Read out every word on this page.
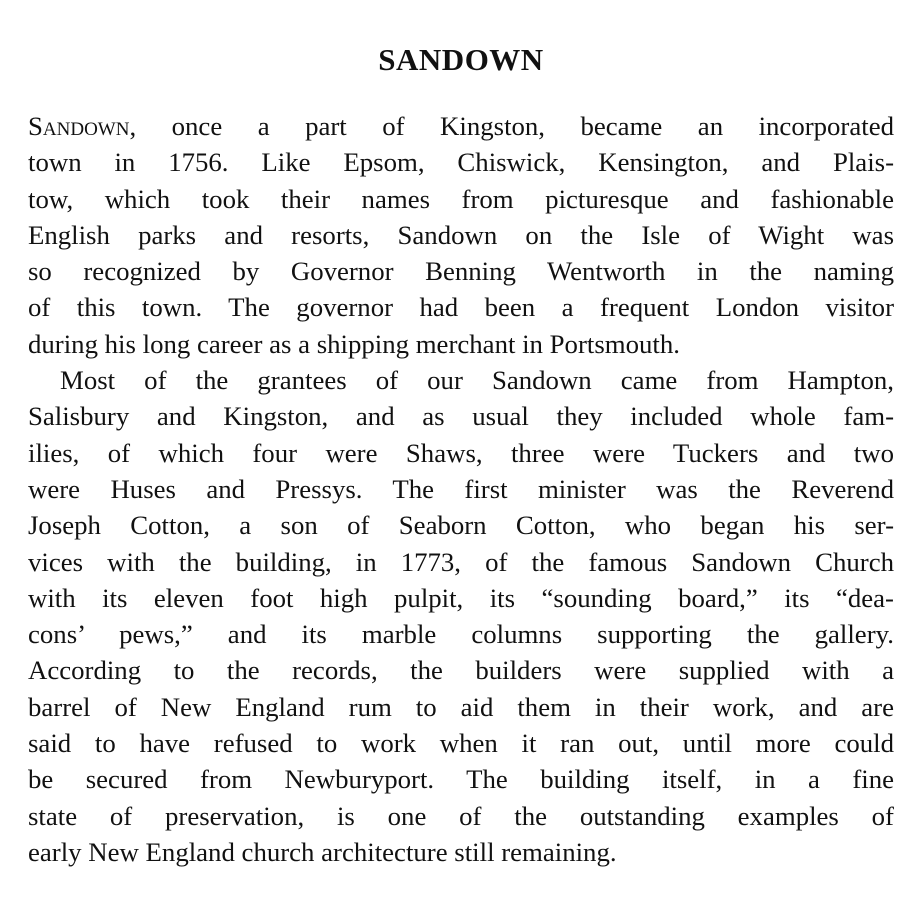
SANDOWN
Sandown, once a part of Kingston, became an incorporated
town in 1756. Like Epsom, Chiswick, Kensington, and Plais-
tow, which took their names from picturesque and fashionable
English parks and resorts, Sandown on the Isle of Wight was
so recognized by Governor Benning Wentworth in the naming
of this town. The governor had been a frequent London visitor
during his long career as a shipping merchant in Portsmouth.
Most of the grantees of our Sandown came from Hampton,
Salisbury and Kingston, and as usual they included whole fam-
ilies, of which four were Shaws, three were Tuckers and two
were Huses and Pressys. The first minister was the Reverend
Joseph Cotton, a son of Seaborn Cotton, who began his ser-
vices with the building, in 1773, of the famous Sandown Church
with its eleven foot high pulpit, its “sounding board,” its “dea-
cons’ pews,” and its marble columns supporting the gallery.
According to the records, the builders were supplied with a
barrel of New England rum to aid them in their work, and are
said to have refused to work when it ran out, until more could
be secured from Newburyport. The building itself, in a fine
state of preservation, is one of the outstanding examples of
early New England church architecture still remaining.
